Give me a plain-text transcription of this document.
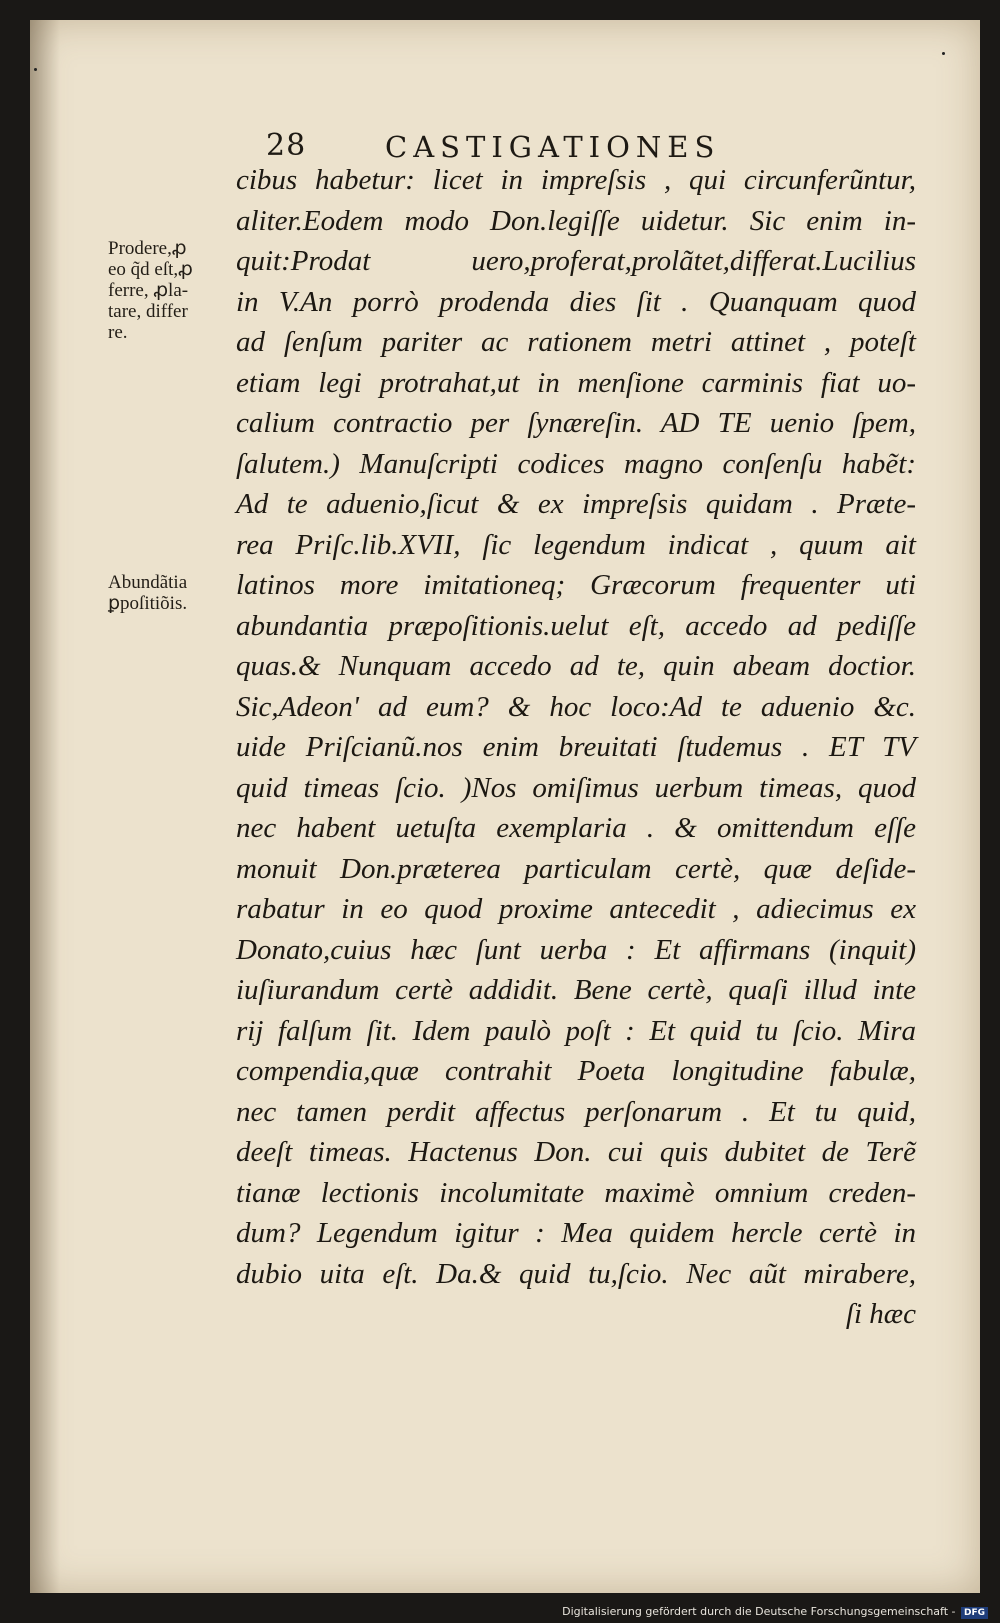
28	CASTIGATIONES
Prodere,ꝓ
eo q̃d eſt,ꝓ
ferre, ꝓla-
tare, differ
re.
Abundãtia
ꝑpoſitiõis.
cibus habetur: licet in impreſsis , qui circunferũntur,
aliter.Eodem modo Don.legiſſe uidetur. Sic enim in-
quit:Prodat uero,proferat,prolãtet,differat.Lucilius
in V.An porrò prodenda dies ſit . Quanquam quod
ad ſenſum pariter ac rationem metri attinet , poteſt
etiam legi protrahat,ut in menſione carminis fiat uo-
calium contractio per ſynæreſin. AD TE uenio ſpem,
ſalutem.) Manuſcripti codices magno conſenſu habẽt:
Ad te aduenio,ſicut & ex impreſsis quidam . Præte-
rea Priſc.lib.XVII, ſic legendum indicat , quum ait
latinos more imitationeq; Græcorum frequenter uti
abundantia præpoſitionis.uelut eſt, accedo ad pediſſe
quas.& Nunquam accedo ad te, quin abeam doctior.
Sic,Adeon' ad eum? & hoc loco:Ad te aduenio &c.
uide Priſcianũ.nos enim breuitati ſtudemus . ET TV
quid timeas ſcio. )Nos omiſimus uerbum timeas, quod
nec habent uetuſta exemplaria . & omittendum eſſe
monuit Don.præterea particulam certè, quæ deſide-
rabatur in eo quod proxime antecedit , adiecimus ex
Donato,cuius hæc ſunt uerba : Et affirmans (inquit)
iuſiurandum certè addidit. Bene certè, quaſi illud inte
rij falſum ſit. Idem paulò poſt : Et quid tu ſcio. Mira
compendia,quæ contrahit Poeta longitudine fabulæ,
nec tamen perdit affectus perſonarum . Et tu quid,
deeſt timeas. Hactenus Don. cui quis dubitet de Terẽ
tianæ lectionis incolumitate maximè omnium creden-
dum? Legendum igitur : Mea quidem hercle certè in
dubio uita eſt. Da.& quid tu,ſcio. Nec aũt mirabere,
ſi hæc
Digitalisierung gefördert durch die Deutsche Forschungsgemeinschaft - DFG
